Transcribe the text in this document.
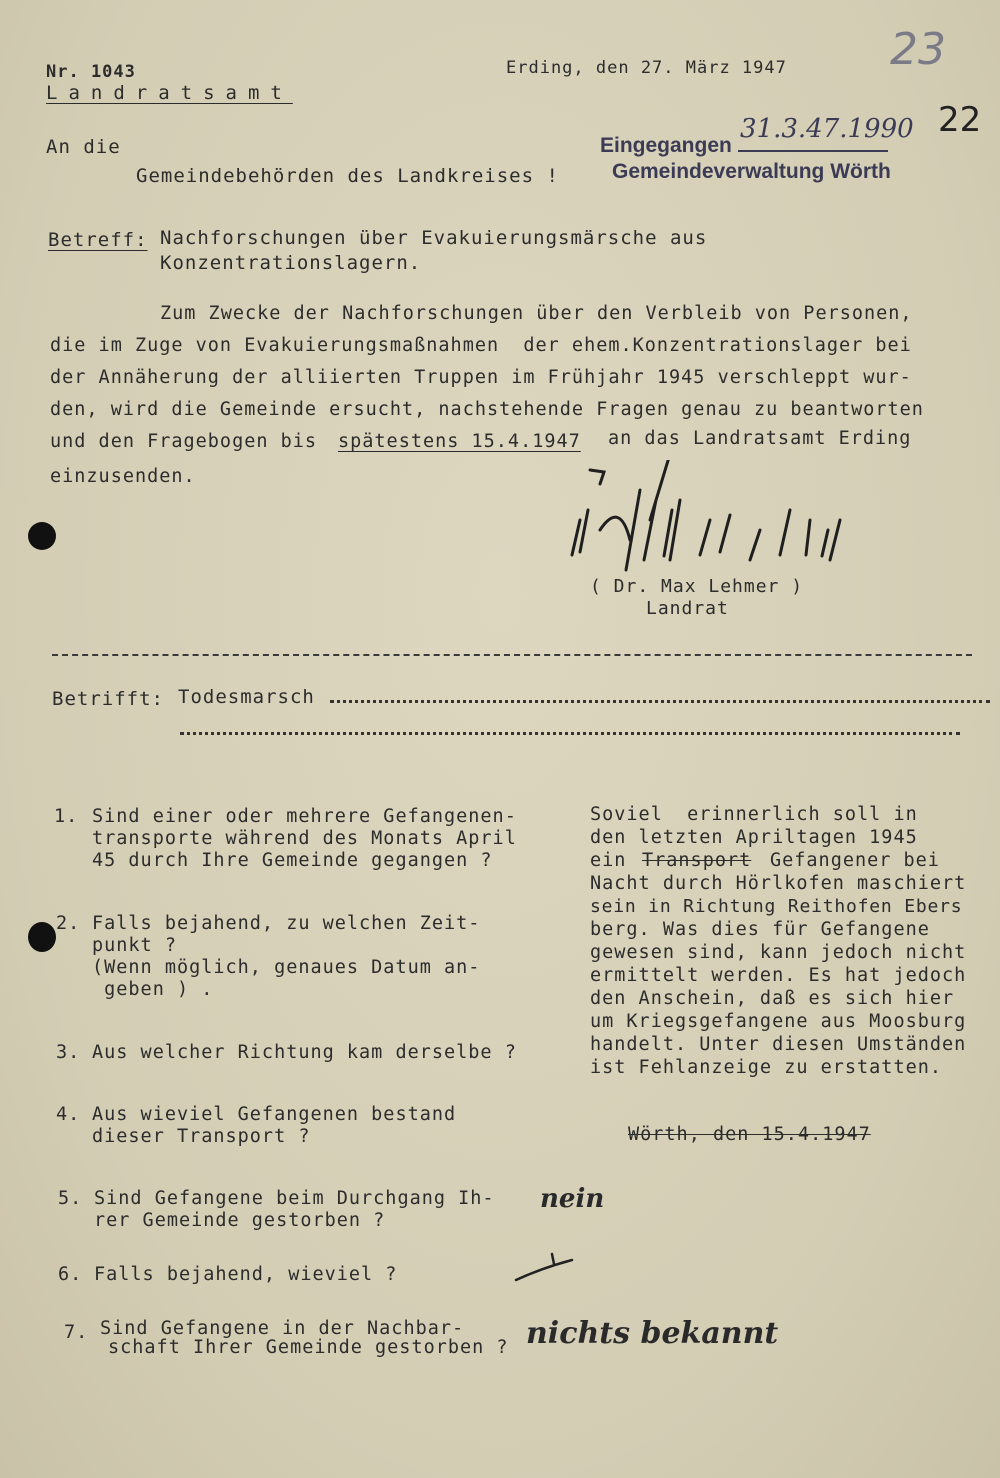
Nr. 1043
Landratsamt
Erding, den 27. März 1947 23
22
Eingegangen
31.3.47.1990
Gemeindeverwaltung Wörth
An die
Gemeindebehörden des Landkreises !
Betreff: Nachforschungen über Evakuierungsmärsche aus
Konzentrationslagern.
Zum Zwecke der Nachforschungen über den Verbleib von Personen,
die im Zuge von Evakuierungsmaßnahmen  der ehem.Konzentrationslager bei
der Annäherung der alliierten Truppen im Frühjahr 1945 verschleppt wur-
den, wird die Gemeinde ersucht, nachstehende Fragen genau zu beantworten
und den Fragebogen bis spätestens 15.4.1947 an das Landratsamt Erding
einzusenden.
( Dr. Max Lehmer )
Landrat
Betrifft: Todesmarsch
1. Sind einer oder mehrere Gefangenen-
transporte während des Monats April
45 durch Ihre Gemeinde gegangen ?
2. Falls bejahend, zu welchen Zeit-
punkt ?
(Wenn möglich, genaues Datum an-
geben ) .
3. Aus welcher Richtung kam derselbe ?
4. Aus wieviel Gefangenen bestand
dieser Transport ?
5. Sind Gefangene beim Durchgang Ih-
rer Gemeinde gestorben ?
6. Falls bejahend, wieviel ?
7. Sind Gefangene in der Nachbar-
schaft Ihrer Gemeinde gestorben ?
Soviel  erinnerlich soll in
den letzten Apriltagen 1945
ein Transport Gefangener bei
Nacht durch Hörlkofen maschiert
sein in Richtung Reithofen Ebers
berg. Was dies für Gefangene
gewesen sind, kann jedoch nicht
ermittelt werden. Es hat jedoch
den Anschein, daß es sich hier
um Kriegsgefangene aus Moosburg
handelt. Unter diesen Umständen
ist Fehlanzeige zu erstatten.
Wörth, den 15.4.1947
nein
nichts bekannt
